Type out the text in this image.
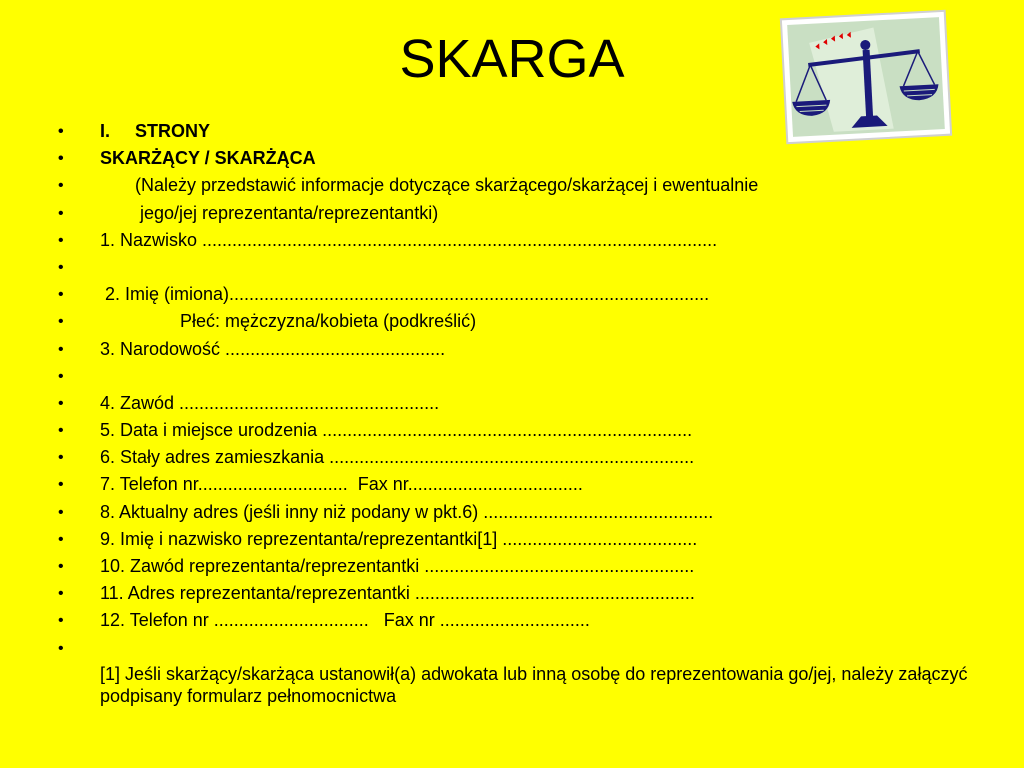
SKARGA
• I.     STRONY
• SKARŻĄCY / SKARŻĄCA
•        (Należy przedstawić informacje dotyczące skarżącego/skarżącej i ewentualnie
•         jego/jej reprezentanta/reprezentantki)
• 1. Nazwisko .......................................................................................................
•
•  2. Imię (imiona)................................................................................................
•                 Płeć: mężczyzna/kobieta (podkreślić)
• 3. Narodowość ............................................
•
• 4. Zawód ....................................................
• 5. Data i miejsce urodzenia ..........................................................................
• 6. Stały adres zamieszkania .........................................................................
• 7. Telefon nr..............................  Fax nr...................................
• 8. Aktualny adres (jeśli inny niż podany w pkt.6) ..............................................
• 9. Imię i nazwisko reprezentanta/reprezentantki[1] .......................................
• 10. Zawód reprezentanta/reprezentantki ......................................................
• 11. Adres reprezentanta/reprezentantki ........................................................
• 12. Telefon nr ...............................   Fax nr ..............................
•
[1] Jeśli skarżący/skarżąca ustanowił(a) adwokata lub inną osobę do reprezentowania go/jej, należy załączyć podpisany formularz pełnomocnictwa
